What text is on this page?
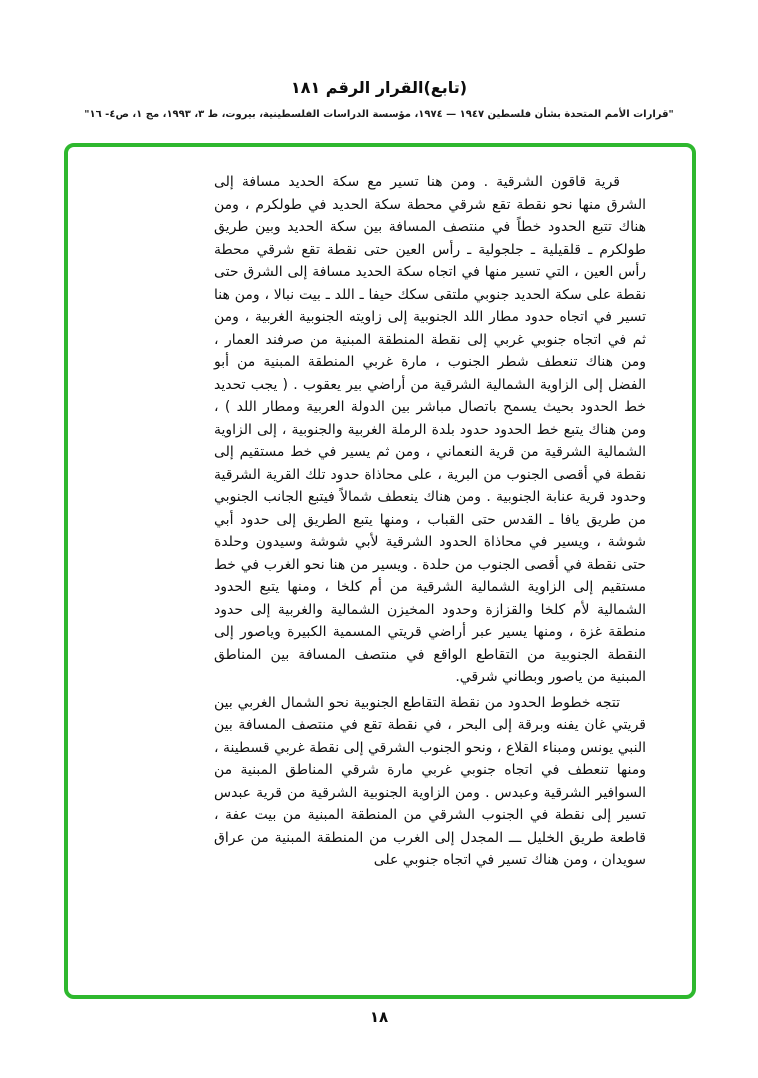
(تابع)القرار الرقم ١٨١
"قرارات الأمم المتحدة بشأن فلسطين ١٩٤٧ — ١٩٧٤، مؤسسة الدراسات الفلسطينية، بيروت، ط ٣، ١٩٩٣، مج ١، ص٤- ١٦"

قرية قاقون الشرقية . ومن هنا تسير مع سكة الحديد مسافة إلى الشرق منها نحو نقطة تقع شرقي محطة سكة الحديد في طولكرم ، ومن هناك تتبع الحدود خطاً في منتصف المسافة بين سكة الحديد وبين طريق طولكرم ـ قلقيلية ـ جلجولية ـ رأس العين حتى نقطة تقع شرقي محطة رأس العين ، التي تسير منها في اتجاه سكة الحديد مسافة إلى الشرق حتى نقطة على سكة الحديد جنوبي ملتقى سكك حيفا ـ اللد ـ بيت نبالا ، ومن هنا تسير في اتجاه حدود مطار اللد الجنوبية إلى زاويته الجنوبية الغربية ، ومن ثم في اتجاه جنوبي غربي إلى نقطة المنطقة المبنية من صرفند العمار ، ومن هناك تنعطف شطر الجنوب ، مارة غربي المنطقة المبنية من أبو الفضل إلى الزاوية الشمالية الشرقية من أراضي بير يعقوب . ( يجب تحديد خط الحدود بحيث يسمح باتصال مباشر بين الدولة العربية ومطار اللد ) ، ومن هناك يتبع خط الحدود حدود بلدة الرملة الغربية والجنوبية ، إلى الزاوية الشمالية الشرقية من قرية النعماني ، ومن ثم يسير في خط مستقيم إلى نقطة في أقصى الجنوب من البرية ، على محاذاة حدود تلك القرية الشرقية وحدود قرية عنابة الجنوبية . ومن هناك ينعطف شمالاً فيتبع الجانب الجنوبي من طريق يافا ـ القدس حتى القباب ، ومنها يتبع الطريق إلى حدود أبي شوشة ، ويسير في محاذاة الحدود الشرقية لأبي شوشة وسيدون وحلدة حتى نقطة في أقصى الجنوب من حلدة . ويسير من هنا نحو الغرب في خط مستقيم إلى الزاوية الشمالية الشرقية من أم كلخا ، ومنها يتبع الحدود الشمالية لأم كلخا والقزازة وحدود المخيزن الشمالية والغربية إلى حدود منطقة غزة ، ومنها يسير عبر أراضي قريتي المسمية الكبيرة وياصور إلى النقطة الجنوبية من التقاطع الواقع في منتصف المسافة بين المناطق المبنية من ياصور وبطاني شرقي.

تتجه خطوط الحدود من نقطة التقاطع الجنوبية نحو الشمال الغربي بين قريتي غان يفنه وبرقة إلى البحر ، في نقطة تقع في منتصف المسافة بين النبي يونس ومبناء القلاع ، ونحو الجنوب الشرقي إلى نقطة غربي قسطينة ، ومنها تنعطف في اتجاه جنوبي غربي مارة شرقي المناطق المبنية من السوافير الشرقية وعبدس . ومن الزاوية الجنوبية الشرقية من قرية عبدس تسير إلى نقطة في الجنوب الشرقي من المنطقة المبنية من بيت عفة ، قاطعة طريق الخليل ـــ المجدل إلى الغرب من المنطقة المبنية من عراق سويدان ، ومن هناك تسير في اتجاه جنوبي على

١٨
